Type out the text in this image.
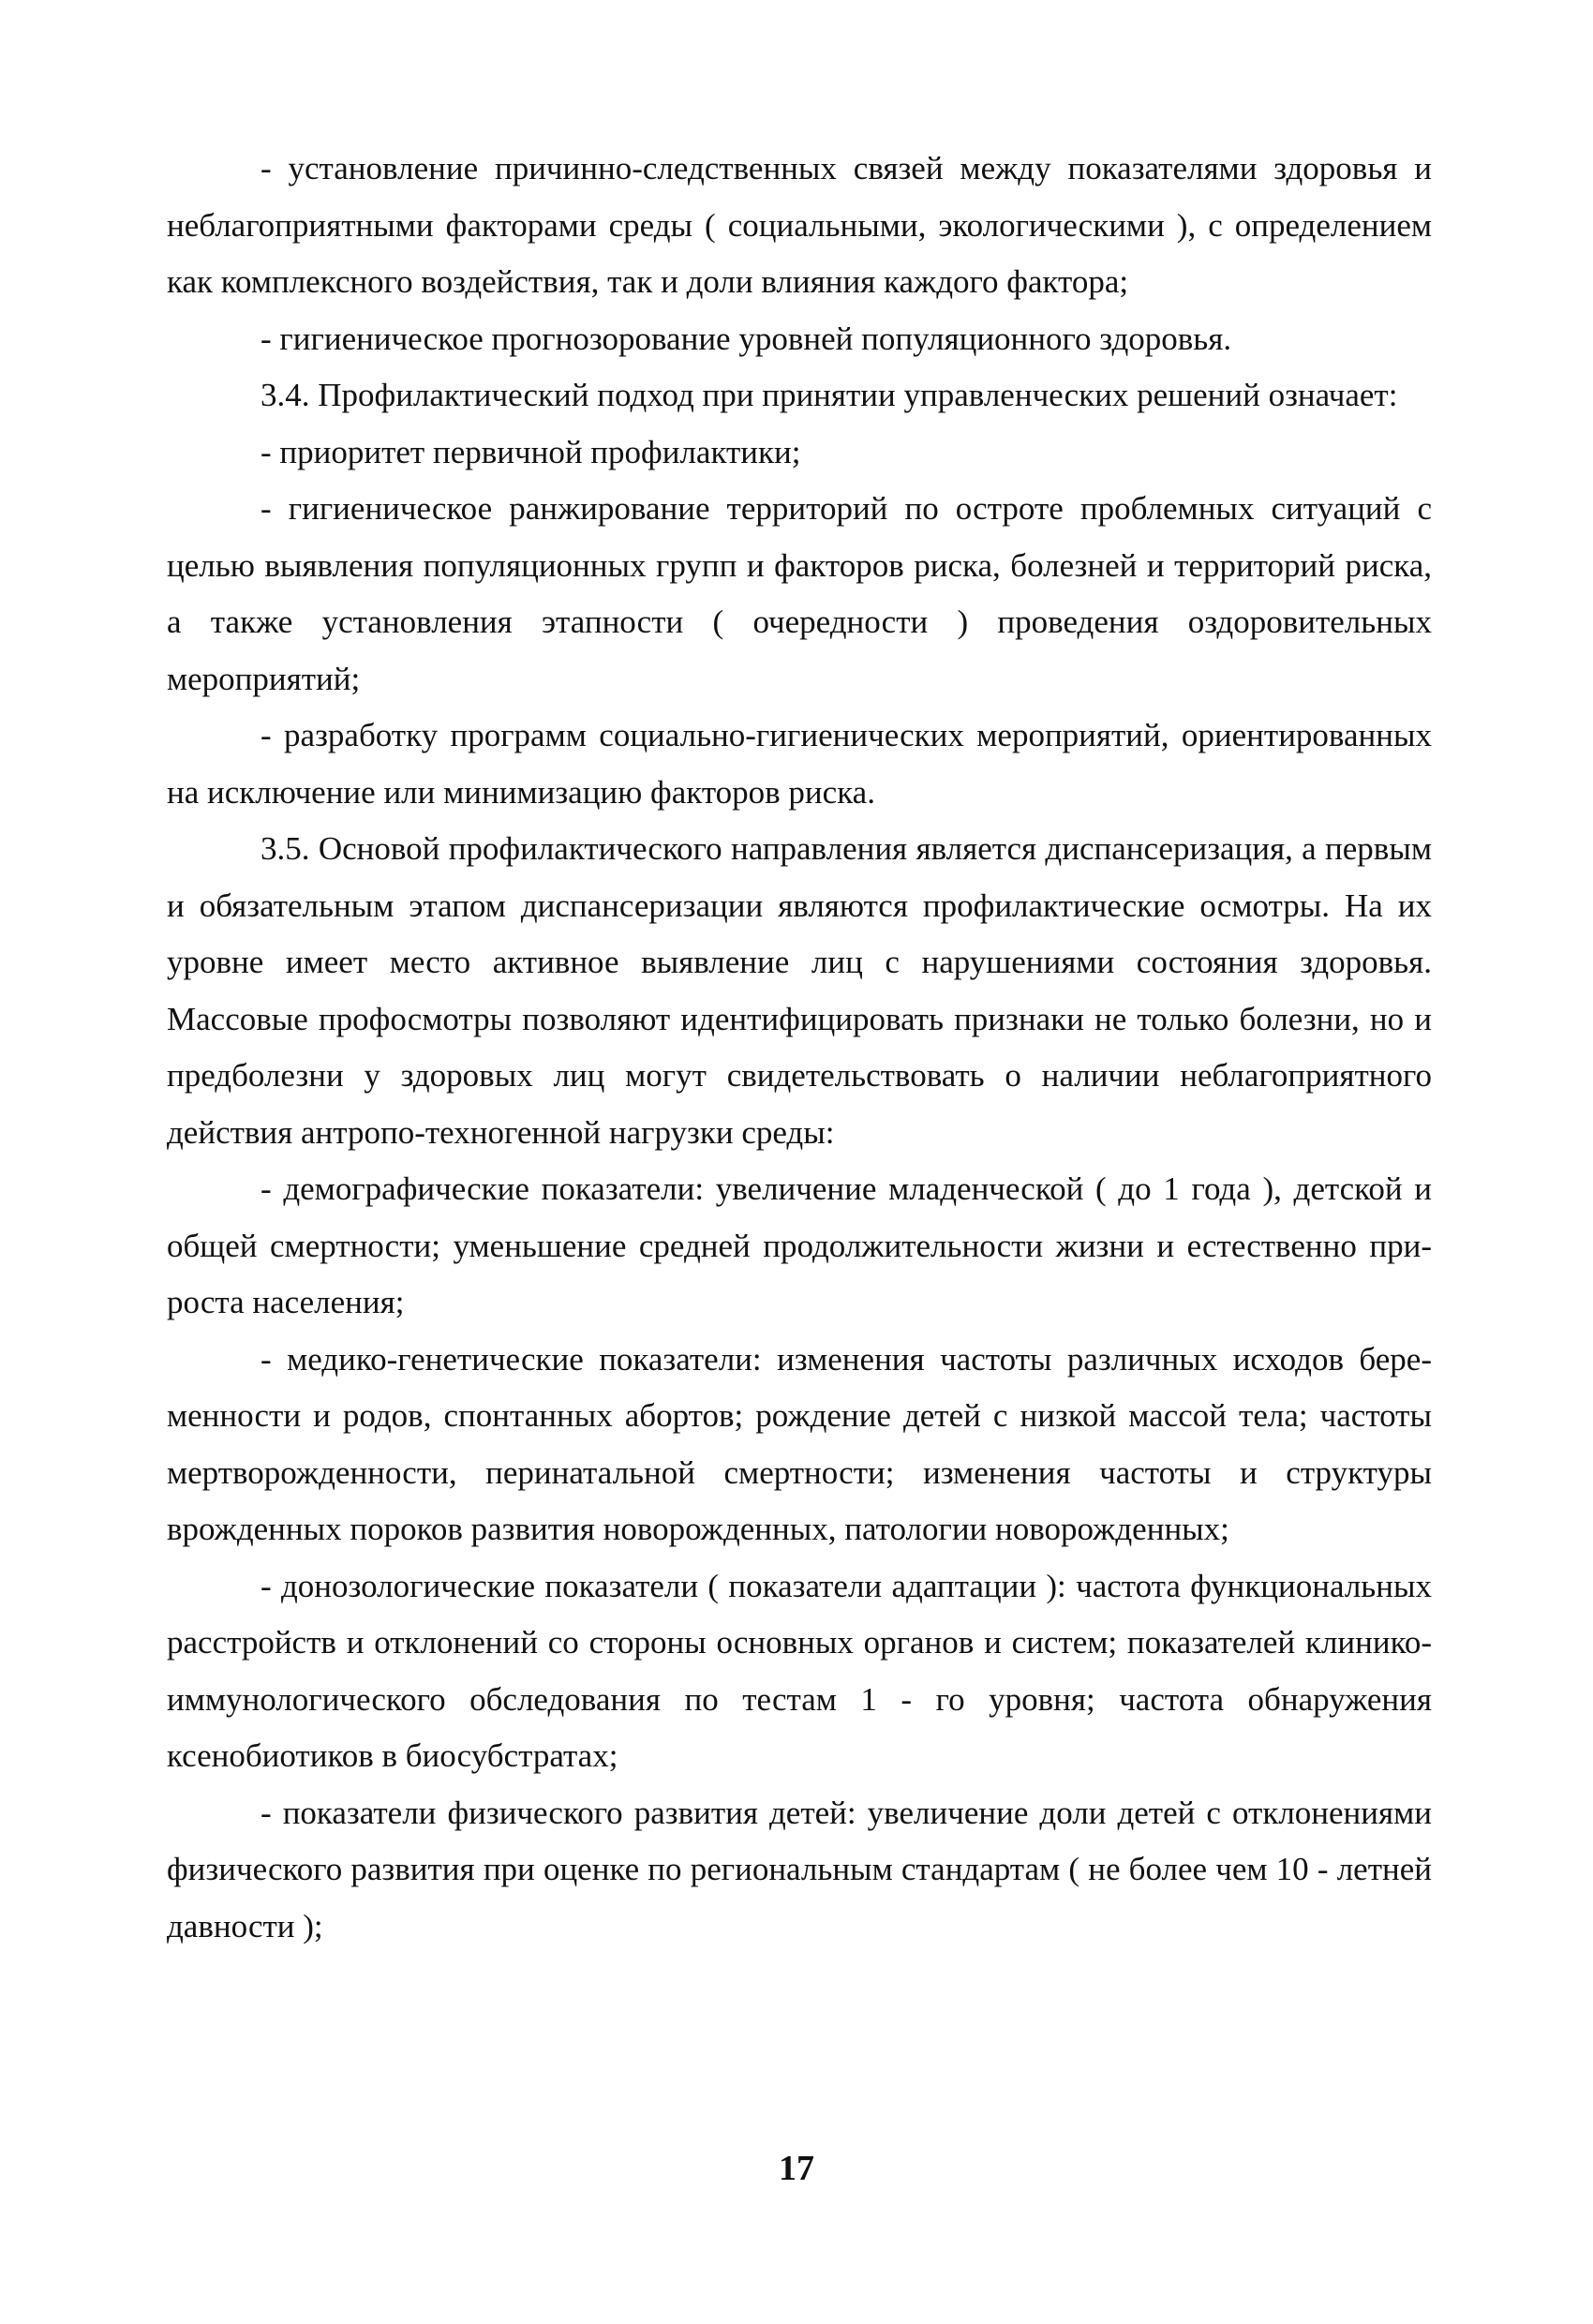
- установление причинно-следственных связей между показателями здоровья и неблагоприятными факторами среды ( социальными, экологическими ), с определением как комплексного воздействия, так и доли влияния каждого фактора;

- гигиеническое прогнозорование уровней популяционного здоровья.

3.4. Профилактический подход при принятии управленческих решений означает:

- приоритет первичной профилактики;

- гигиеническое ранжирование территорий по остроте проблемных ситуаций с целью выявления популяционных групп и факторов риска, болезней и территорий риска, а также установления этапности ( очередности ) проведения оздоровительных мероприятий;

- разработку программ социально-гигиенических мероприятий, ориентированных на исключение или минимизацию факторов риска.

3.5. Основой профилактического направления является диспансеризация, а первым и обязательным этапом диспансеризации являются профилактические осмотры. На их уровне имеет место активное выявление лиц с нарушениями состояния здоровья. Массовые профосмотры позволяют идентифицировать признаки не только болезни, но и предболезни у здоровых лиц могут свидетельствовать о наличии неблагоприятного действия антропо-техногенной нагрузки среды:

- демографические показатели: увеличение младенческой ( до 1 года ), детской и общей смертности; уменьшение средней продолжительности жизни и естественно прироста населения;

- медико-генетические показатели: изменения частоты различных исходов беременности и родов, спонтанных абортов; рождение детей с низкой массой тела; частоты мертворожденности, перинатальной смертности; изменения частоты и структуры врожденных пороков развития новорожденных, патологии новорожденных;

- донозологические показатели ( показатели адаптации ): частота функциональных расстройств и отклонений со стороны основных органов и систем; показателей клинико-иммунологического обследования по тестам 1 - го уровня; частота обнаружения ксенобиотиков в биосубстратах;

- показатели физического развития детей: увеличение доли детей с отклонениями физического развития при оценке по региональным стандартам ( не более чем 10 - летней давности );

17
